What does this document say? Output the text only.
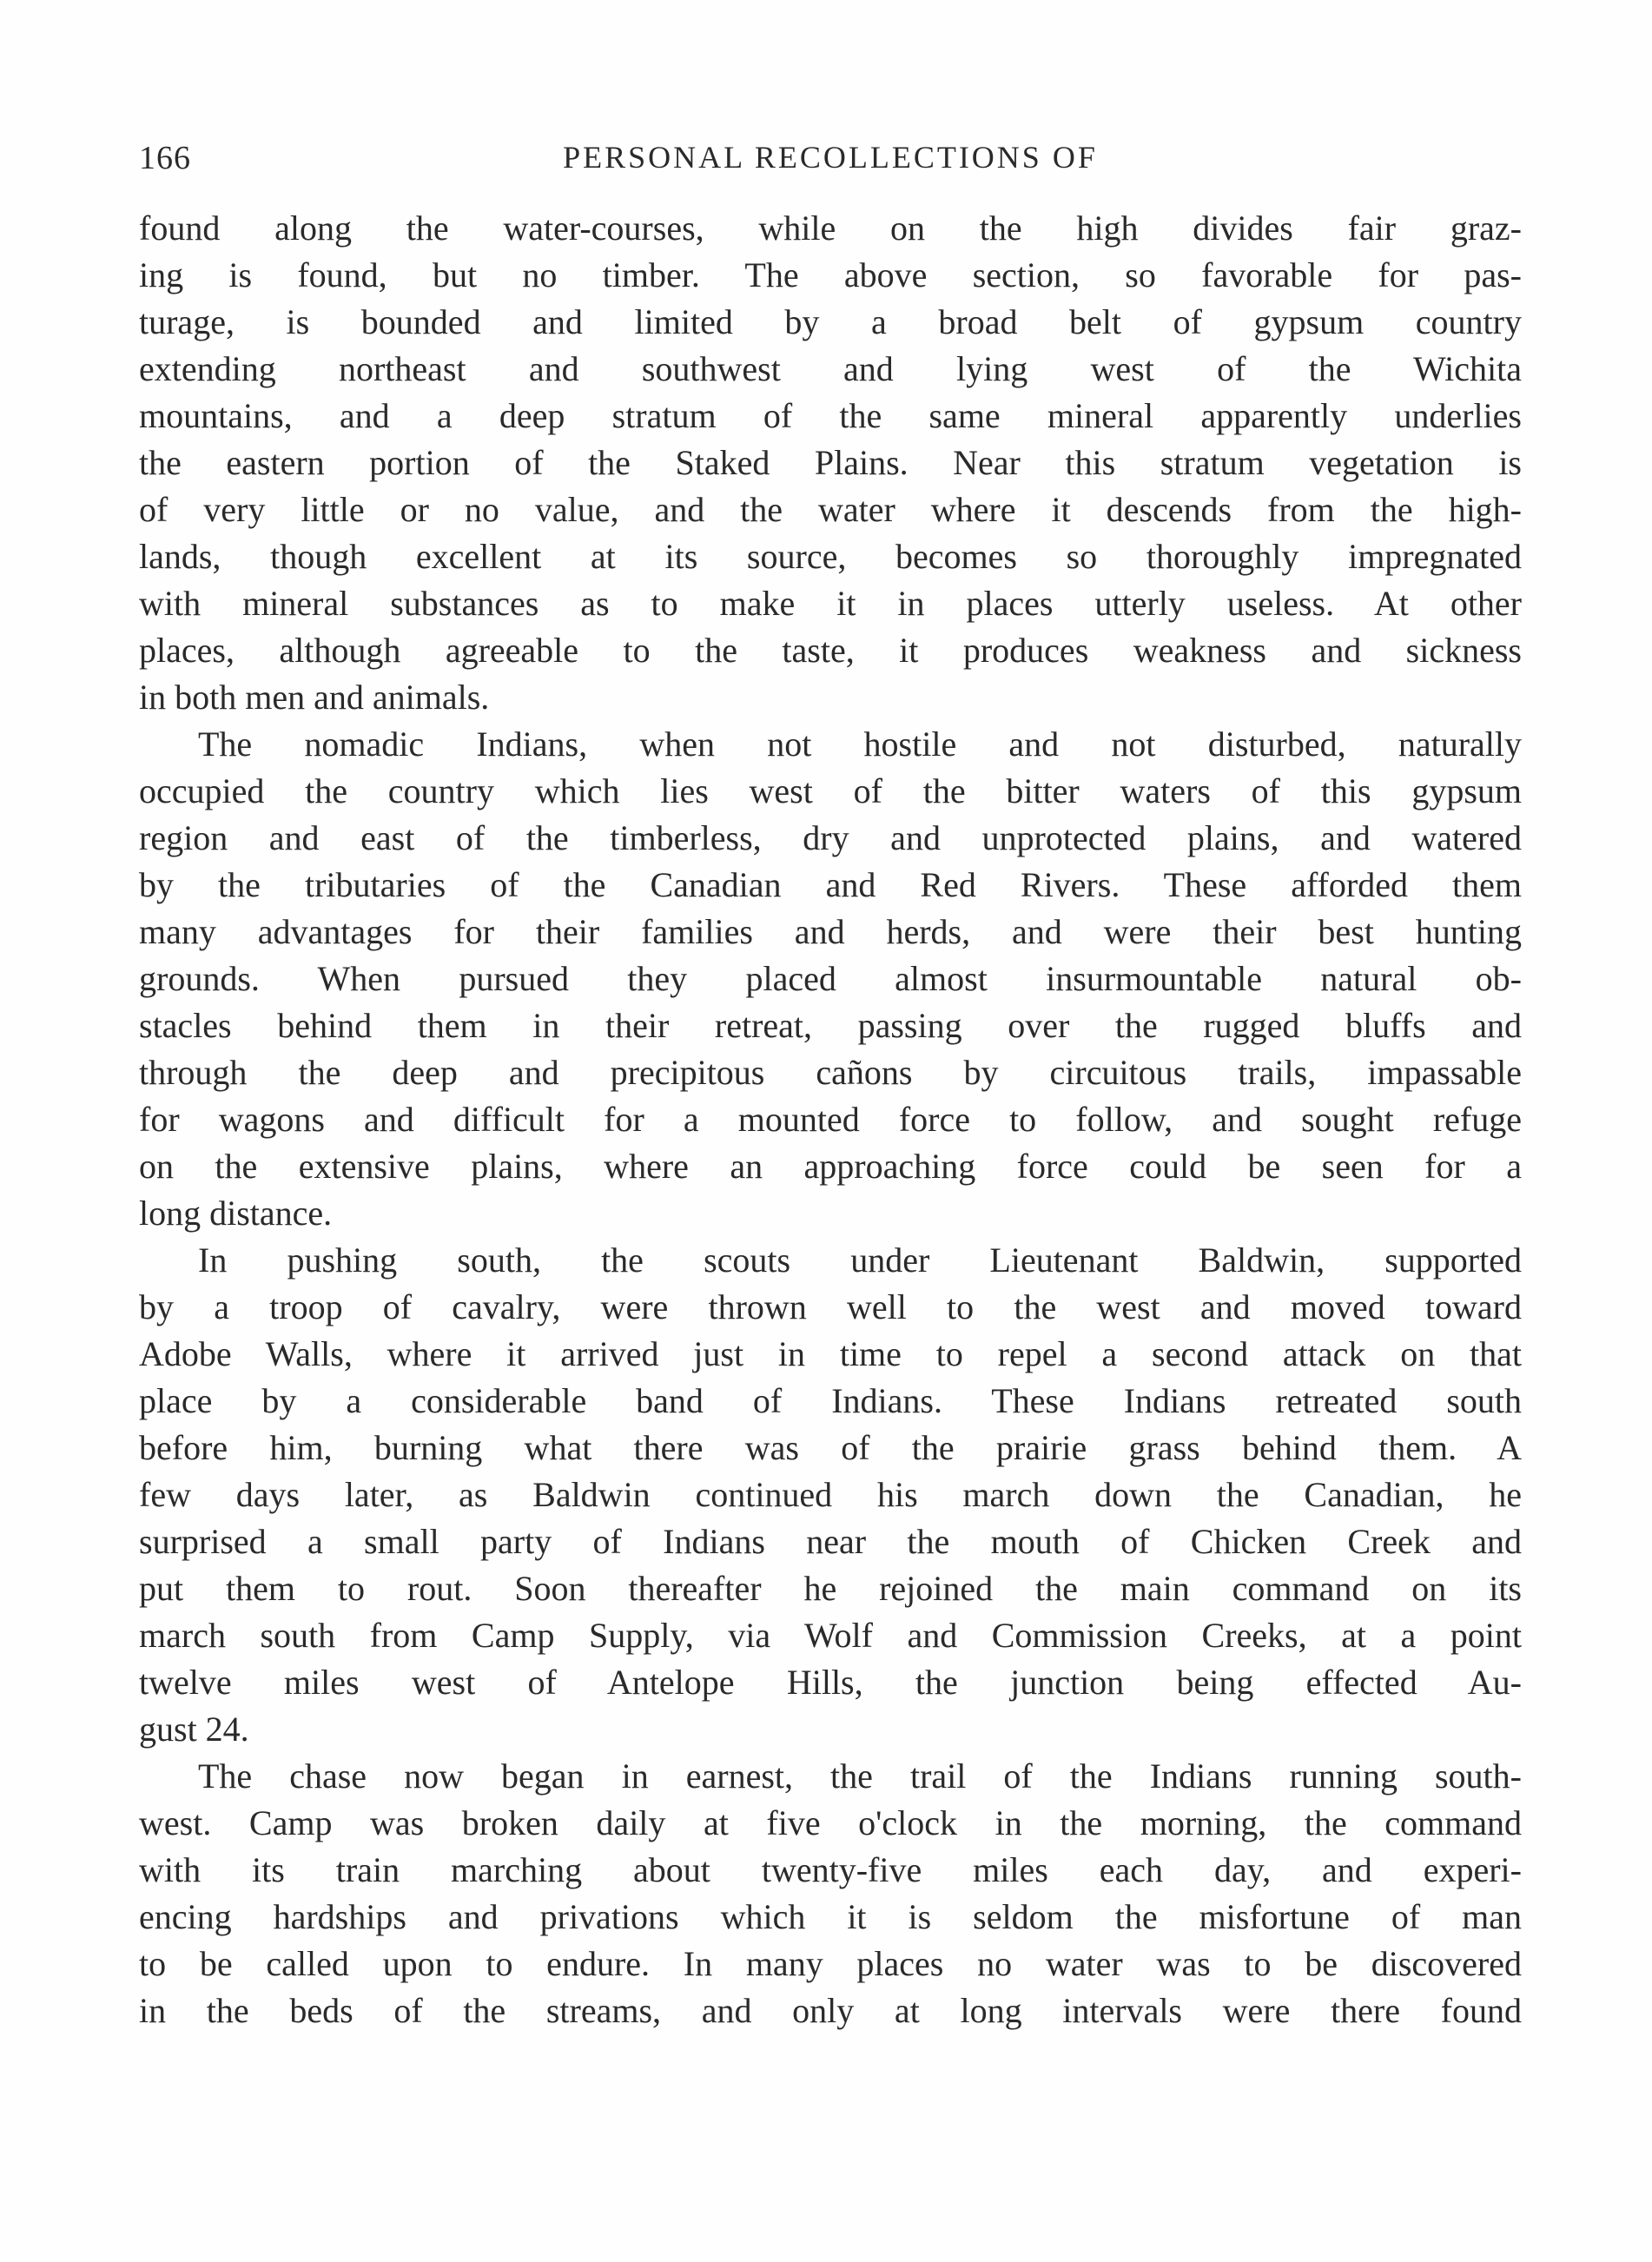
166	PERSONAL RECOLLECTIONS OF
found along the water-courses, while on the high divides fair graz-
ing is found, but no timber. The above section, so favorable for pas-
turage, is bounded and limited by a broad belt of gypsum country
extending northeast and southwest and lying west of the Wichita
mountains, and a deep stratum of the same mineral apparently underlies
the eastern portion of the Staked Plains. Near this stratum vegetation is
of very little or no value, and the water where it descends from the high-
lands, though excellent at its source, becomes so thoroughly impregnated
with mineral substances as to make it in places utterly useless. At other
places, although agreeable to the taste, it produces weakness and sickness
in both men and animals.
The nomadic Indians, when not hostile and not disturbed, naturally
occupied the country which lies west of the bitter waters of this gypsum
region and east of the timberless, dry and unprotected plains, and watered
by the tributaries of the Canadian and Red Rivers. These afforded them
many advantages for their families and herds, and were their best hunting
grounds. When pursued they placed almost insurmountable natural ob-
stacles behind them in their retreat, passing over the rugged bluffs and
through the deep and precipitous cañons by circuitous trails, impassable
for wagons and difficult for a mounted force to follow, and sought refuge
on the extensive plains, where an approaching force could be seen for a
long distance.
In pushing south, the scouts under Lieutenant Baldwin, supported
by a troop of cavalry, were thrown well to the west and moved toward
Adobe Walls, where it arrived just in time to repel a second attack on that
place by a considerable band of Indians. These Indians retreated south
before him, burning what there was of the prairie grass behind them. A
few days later, as Baldwin continued his march down the Canadian, he
surprised a small party of Indians near the mouth of Chicken Creek and
put them to rout. Soon thereafter he rejoined the main command on its
march south from Camp Supply, via Wolf and Commission Creeks, at a point
twelve miles west of Antelope Hills, the junction being effected Au-
gust 24.
The chase now began in earnest, the trail of the Indians running south-
west. Camp was broken daily at five o'clock in the morning, the command
with its train marching about twenty-five miles each day, and experi-
encing hardships and privations which it is seldom the misfortune of man
to be called upon to endure. In many places no water was to be discovered
in the beds of the streams, and only at long intervals were there found
